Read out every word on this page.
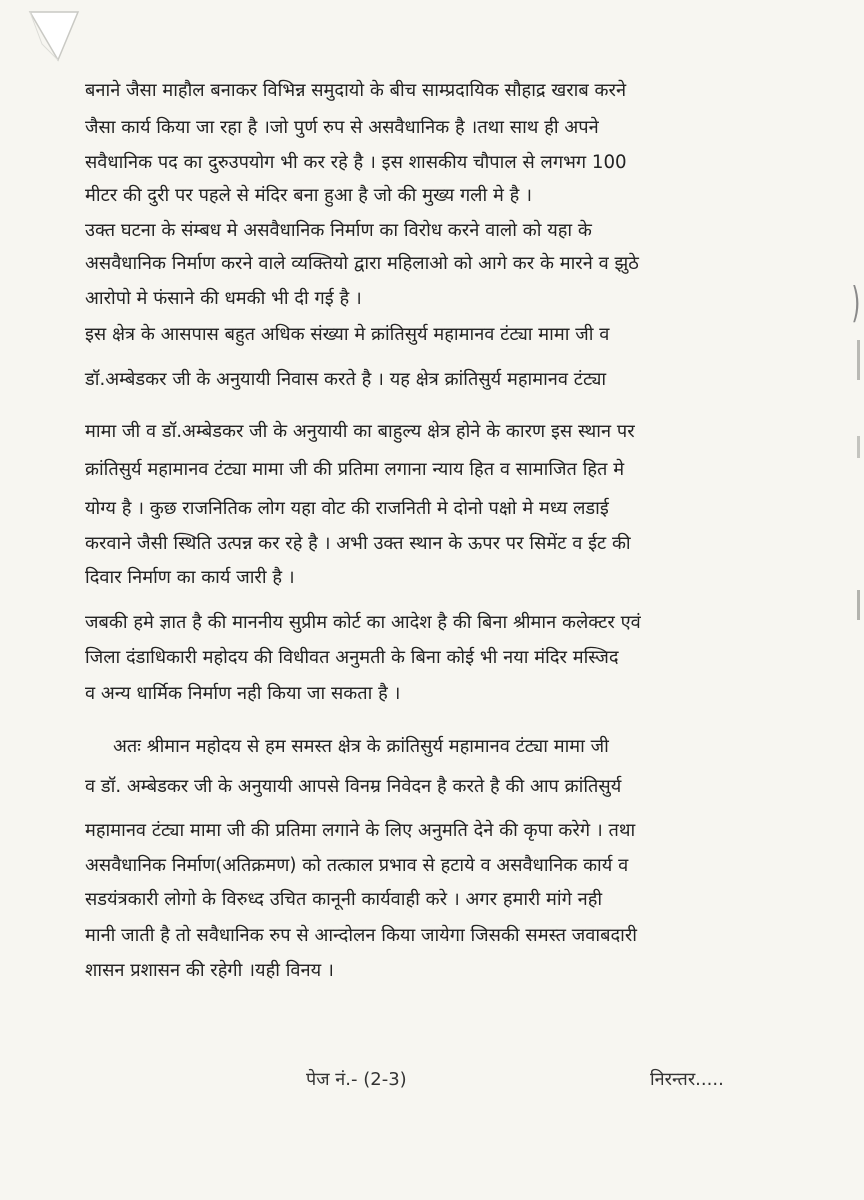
)

बनाने जैसा माहौल बनाकर विभिन्न समुदायो के बीच साम्प्रदायिक सौहाद्र खराब करने

जैसा कार्य किया जा रहा है ।जो पुर्ण रुप से असवैधानिक है ।तथा साथ ही अपने

सवैधानिक पद का दुरुउपयोग भी कर रहे है । इस शासकीय चौपाल से लगभग 100

मीटर की दुरी पर पहले से मंदिर बना हुआ है जो की मुख्य गली मे है ।

उक्त घटना के संम्बध मे असवैधानिक निर्माण का विरोध करने वालो को यहा के

असवैधानिक निर्माण करने वाले व्यक्तियो द्वारा महिलाओ को आगे कर के मारने व झुठे

आरोपो मे फंसाने की धमकी भी दी गई है ।

इस क्षेत्र के आसपास बहुत अधिक संख्या मे क्रांतिसुर्य महामानव टंट्या मामा जी व

डॉ.अम्बेडकर जी के अनुयायी निवास करते है । यह क्षेत्र क्रांतिसुर्य महामानव टंट्या

मामा जी व डॉ.अम्बेडकर जी के अनुयायी का बाहुल्य क्षेत्र होने के कारण इस स्थान पर

क्रांतिसुर्य महामानव टंट्या मामा जी की प्रतिमा लगाना न्याय हित व सामाजित हित मे

योग्य है । कुछ राजनितिक लोग यहा वोट की राजनिती मे दोनो पक्षो मे मध्य लडाई

करवाने जैसी स्थिति उत्पन्न कर रहे है । अभी उक्त स्थान के ऊपर पर सिमेंट व ईट की

दिवार निर्माण का कार्य जारी है ।

जबकी हमे ज्ञात है की माननीय सुप्रीम कोर्ट का आदेश है की बिना श्रीमान कलेक्टर एवं

जिला दंडाधिकारी महोदय की विधीवत अनुमती के बिना कोई भी नया मंदिर मस्जिद

व अन्य धार्मिक निर्माण नही किया जा सकता है ।

अतः श्रीमान महोदय से हम समस्त क्षेत्र के क्रांतिसुर्य महामानव टंट्या मामा जी

व डॉ. अम्बेडकर जी के अनुयायी आपसे विनम्र निवेदन है करते है की आप क्रांतिसुर्य

महामानव टंट्या मामा जी की प्रतिमा लगाने के लिए अनुमति देने की कृपा करेगे । तथा

असवैधानिक निर्माण(अतिक्रमण) को तत्काल प्रभाव से हटाये व असवैधानिक कार्य व

सडयंत्रकारी लोगो के विरुध्द उचित कानूनी कार्यवाही करे । अगर हमारी मांगे नही

मानी जाती है तो सवैधानिक रुप से आन्दोलन किया जायेगा जिसकी समस्त जवाबदारी

शासन प्रशासन की रहेगी ।यही विनय ।

पेज नं.- (2-3)	निरन्तर.....
